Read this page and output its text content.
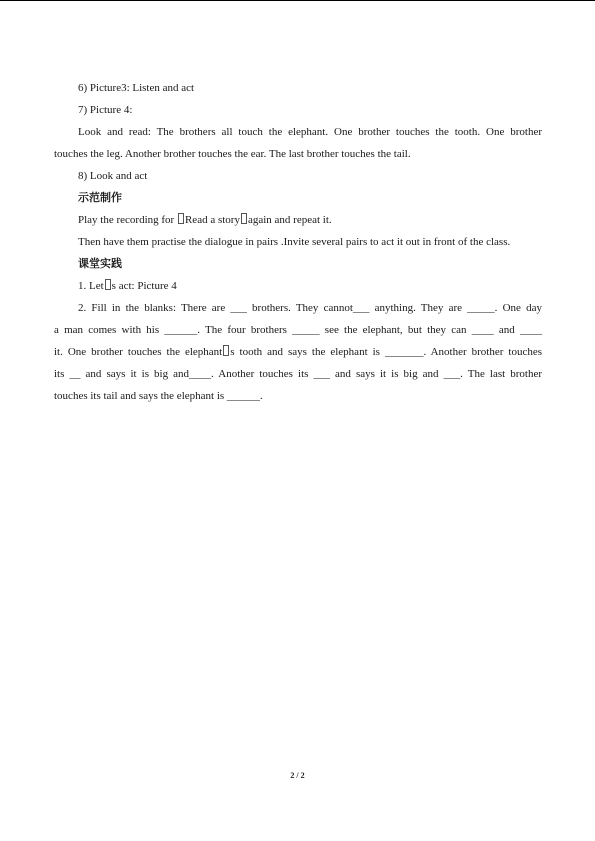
6) Picture3: Listen and act

7) Picture 4:

Look and read: The brothers all touch the elephant. One brother touches the tooth. One brother

touches the leg. Another brother touches the ear. The last brother touches the tail.

8) Look and act

示范制作

Play the recording for Read a story again and repeat it.

Then have them practise the dialogue in pairs .Invite several pairs to act it out in front of the class.

课堂实践

1. Let s act: Picture 4

2. Fill in the blanks: There are ___ brothers. They cannot___ anything. They are _____. One day

a man comes with his ______. The four brothers _____ see the elephant, but they can ____ and ____

it. One brother touches the elephant s tooth and says the elephant is _______. Another brother touches

its __ and says it is big and____. Another touches its ___ and says it is big and ___. The last brother

touches its tail and says the elephant is ______.

2 / 2
